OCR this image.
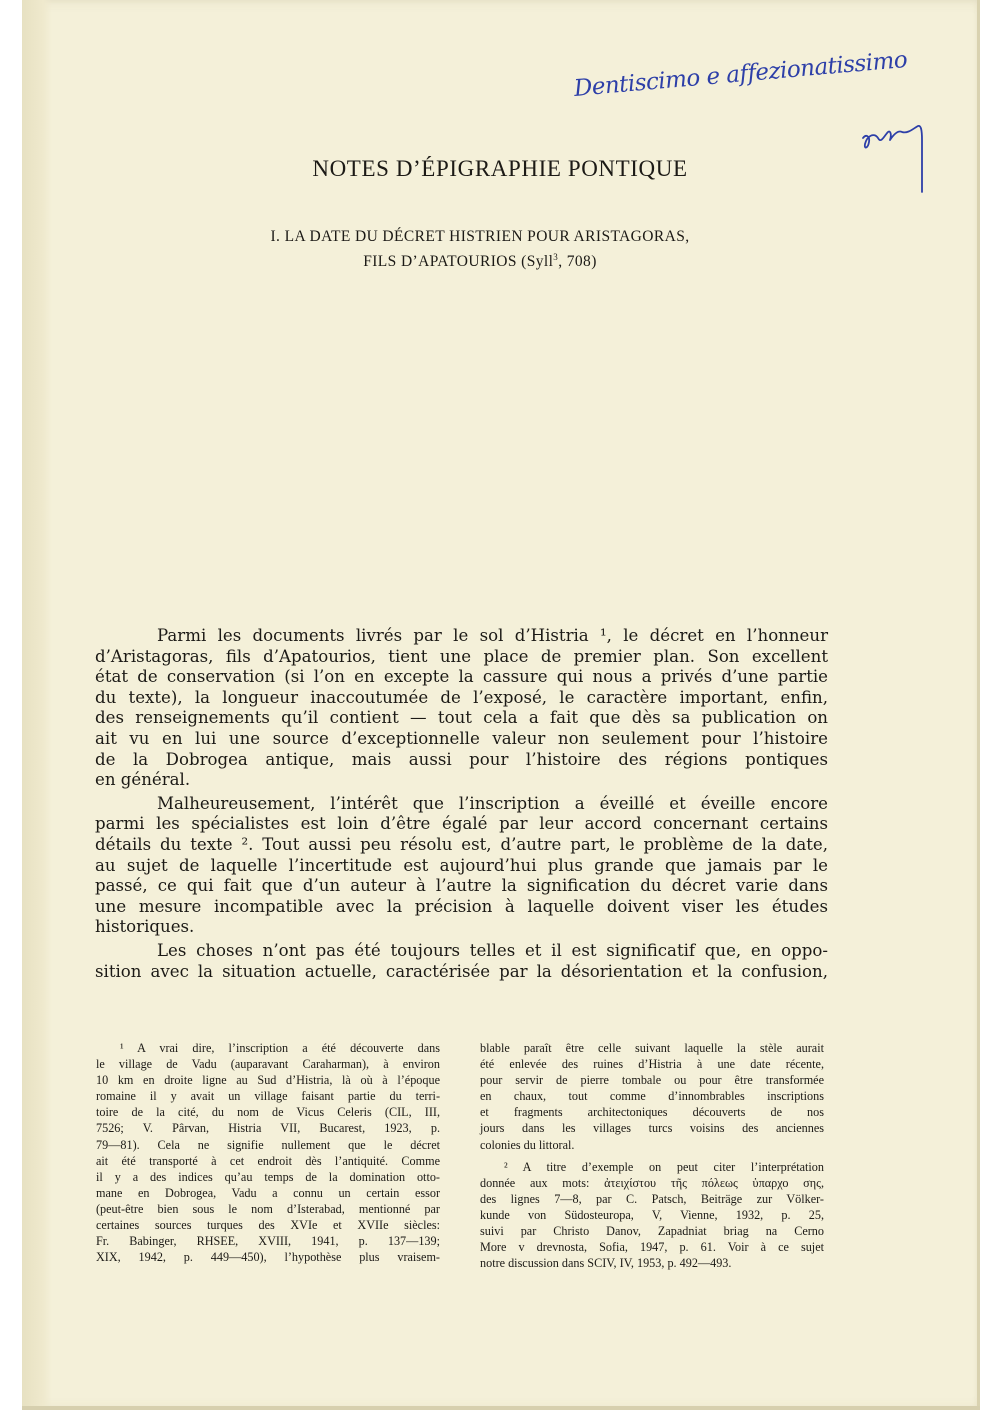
Dentiscimo e affezionatissimo
NOTES D’ÉPIGRAPHIE PONTIQUE
I. LA DATE DU DÉCRET HISTRIEN POUR ARISTAGORAS,
FILS D’APATOURIOS (Syll$^3$, 708)
Parmi les documents livrés par le sol d’Histria ¹, le décret en l’honneur
d’Aristagoras, fils d’Apatourios, tient une place de premier plan. Son excellent
état de conservation (si l’on en excepte la cassure qui nous a privés d’une partie
du texte), la longueur inaccoutumée de l’exposé, le caractère important, enfin,
des renseignements qu’il contient — tout cela a fait que dès sa publication on
ait vu en lui une source d’exceptionnelle valeur non seulement pour l’histoire
de la Dobrogea antique, mais aussi pour l’histoire des régions pontiques
en général.
Malheureusement, l’intérêt que l’inscription a éveillé et éveille encore
parmi les spécialistes est loin d’être égalé par leur accord concernant certains
détails du texte ². Tout aussi peu résolu est, d’autre part, le problème de la date,
au sujet de laquelle l’incertitude est aujourd’hui plus grande que jamais par le
passé, ce qui fait que d’un auteur à l’autre la signification du décret varie dans
une mesure incompatible avec la précision à laquelle doivent viser les études
historiques.
Les choses n’ont pas été toujours telles et il est significatif que, en oppo-
sition avec la situation actuelle, caractérisée par la désorientation et la confusion,
¹ A vrai dire, l’inscription a été découverte dans
le village de Vadu (auparavant Caraharman), à environ
10 km en droite ligne au Sud d’Histria, là où à l’époque
romaine il y avait un village faisant partie du terri-
toire de la cité, du nom de Vicus Celeris (CIL, III,
7526; V. Pârvan, Histria VII, Bucarest, 1923, p.
79—81). Cela ne signifie nullement que le décret
ait été transporté à cet endroit dès l’antiquité. Comme
il y a des indices qu’au temps de la domination otto-
mane en Dobrogea, Vadu a connu un certain essor
(peut-être bien sous le nom d’Isterabad, mentionné par
certaines sources turques des XVIe et XVIIe siècles:
Fr. Babinger, RHSEE, XVIII, 1941, p. 137—139;
XIX, 1942, p. 449—450), l’hypothèse plus vraisem-
blable paraît être celle suivant laquelle la stèle aurait
été enlevée des ruines d’Histria à une date récente,
pour servir de pierre tombale ou pour être transformée
en chaux, tout comme d’innombrables inscriptions
et fragments architectoniques découverts de nos
jours dans les villages turcs voisins des anciennes
colonies du littoral.
² A titre d’exemple on peut citer l’interprétation
donnée aux mots: ἀτειχίστου τῆς πόλεως ὑπαρχο σης,
des lignes 7—8, par C. Patsch, Beiträge zur Völker-
kunde von Südosteuropa, V, Vienne, 1932, p. 25,
suivi par Christo Danov, Zapadniat briag na Cerno
More v drevnosta, Sofia, 1947, p. 61. Voir à ce sujet
notre discussion dans SCIV, IV, 1953, p. 492—493.
